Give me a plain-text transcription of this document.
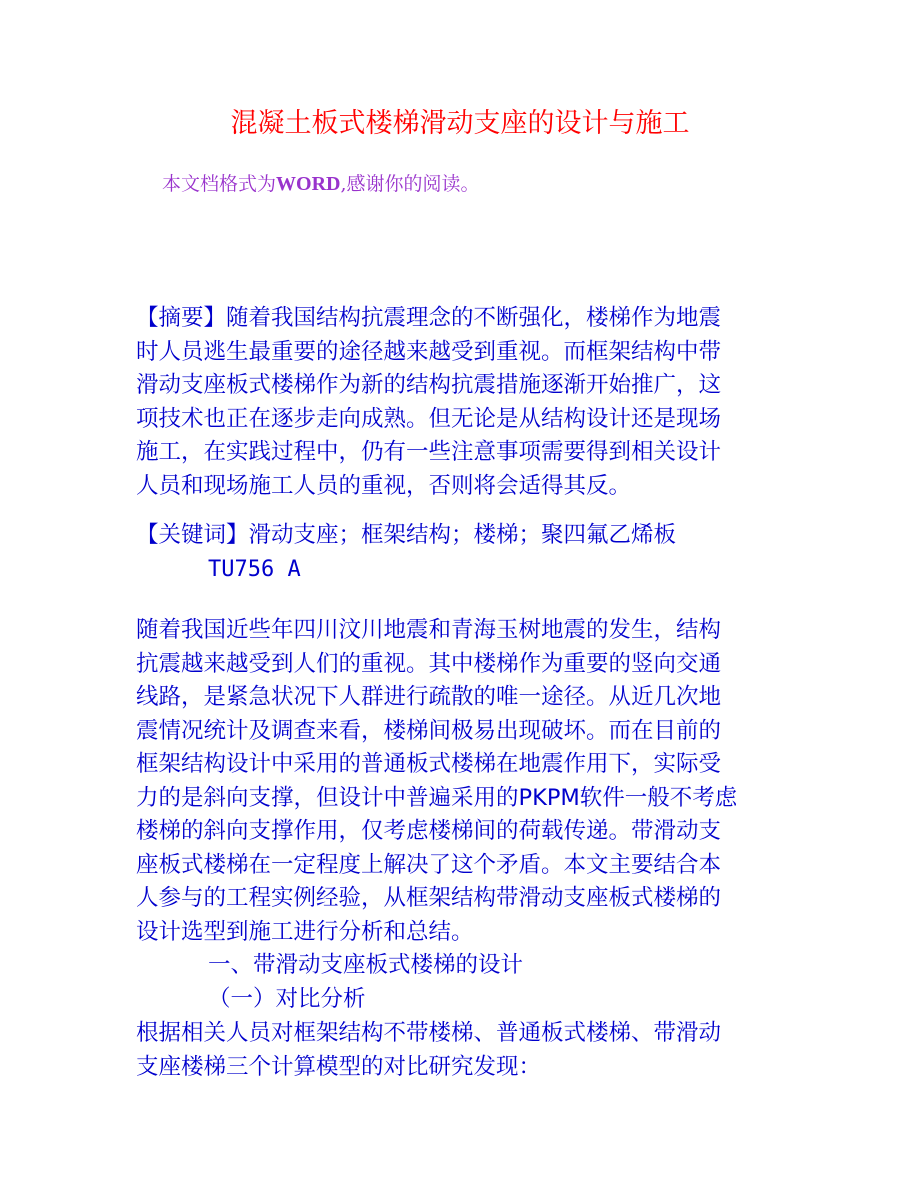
混凝土板式楼梯滑动支座的设计与施工
本文档格式为WORD,感谢你的阅读。
【摘要】随着我国结构抗震理念的不断强化，楼梯作为地震
时人员逃生最重要的途径越来越受到重视。而框架结构中带
滑动支座板式楼梯作为新的结构抗震措施逐渐开始推广，这
项技术也正在逐步走向成熟。但无论是从结构设计还是现场
施工，在实践过程中，仍有一些注意事项需要得到相关设计
人员和现场施工人员的重视，否则将会适得其反。
【关键词】滑动支座；框架结构；楼梯；聚四氟乙烯板
TU756 A
随着我国近些年四川汶川地震和青海玉树地震的发生，结构
抗震越来越受到人们的重视。其中楼梯作为重要的竖向交通
线路，是紧急状况下人群进行疏散的唯一途径。从近几次地
震情况统计及调查来看，楼梯间极易出现破坏。而在目前的
框架结构设计中采用的普通板式楼梯在地震作用下，实际受
力的是斜向支撑，但设计中普遍采用的PKPM软件一般不考虑
楼梯的斜向支撑作用，仅考虑楼梯间的荷载传递。带滑动支
座板式楼梯在一定程度上解决了这个矛盾。本文主要结合本
人参与的工程实例经验，从框架结构带滑动支座板式楼梯的
设计选型到施工进行分析和总结。
一、带滑动支座板式楼梯的设计
（一）对比分析
根据相关人员对框架结构不带楼梯、普通板式楼梯、带滑动
支座楼梯三个计算模型的对比研究发现：
